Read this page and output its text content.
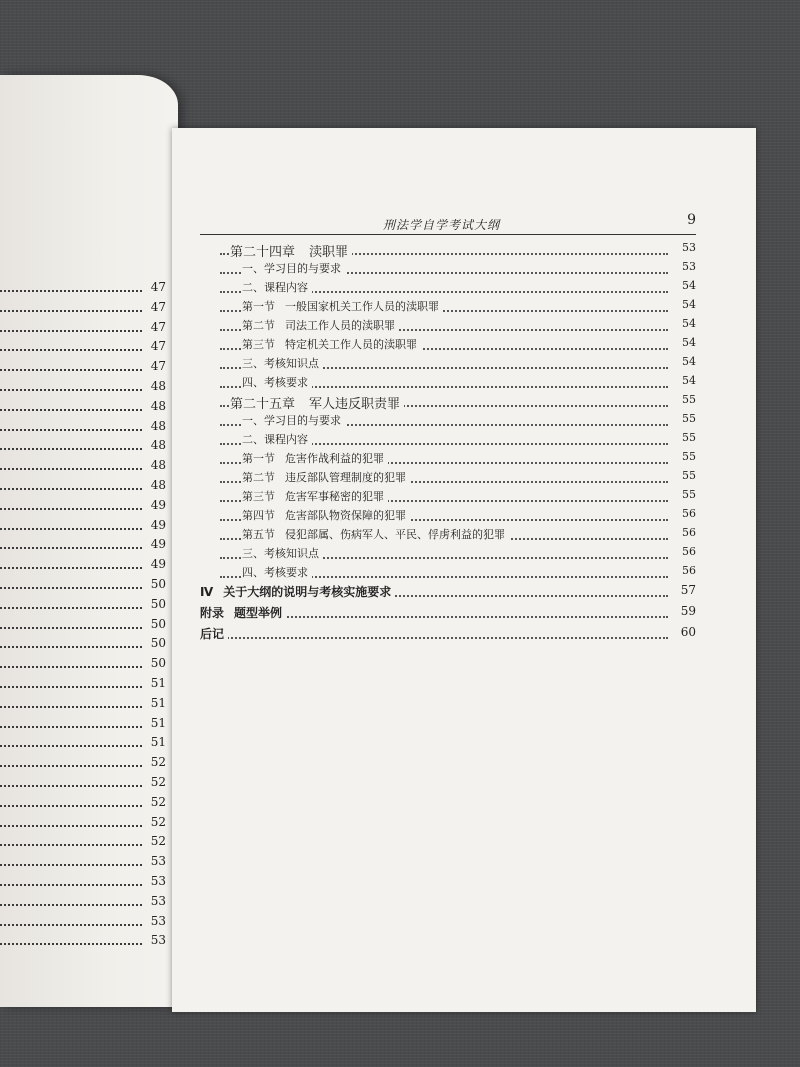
47
47
47
47
47
48
48
48
48
48
48
49
49
49
49
50
50
50
50
50
51
51
51
51
52
52
52
52
52
53
53
53
53
53
刑法学自学考试大纲	9
第二十四章 渎职罪	53
一、学习目的与要求	53
二、课程内容	54
第一节 一般国家机关工作人员的渎职罪	54
第二节 司法工作人员的渎职罪	54
第三节 特定机关工作人员的渎职罪	54
三、考核知识点	54
四、考核要求	54
第二十五章 军人违反职责罪	55
一、学习目的与要求	55
二、课程内容	55
第一节 危害作战利益的犯罪	55
第二节 违反部队管理制度的犯罪	55
第三节 危害军事秘密的犯罪	55
第四节 危害部队物资保障的犯罪	56
第五节 侵犯部属、伤病军人、平民、俘虏利益的犯罪	56
三、考核知识点	56
四、考核要求	56
Ⅳ 关于大纲的说明与考核实施要求	57
附录 题型举例	59
后记	60
